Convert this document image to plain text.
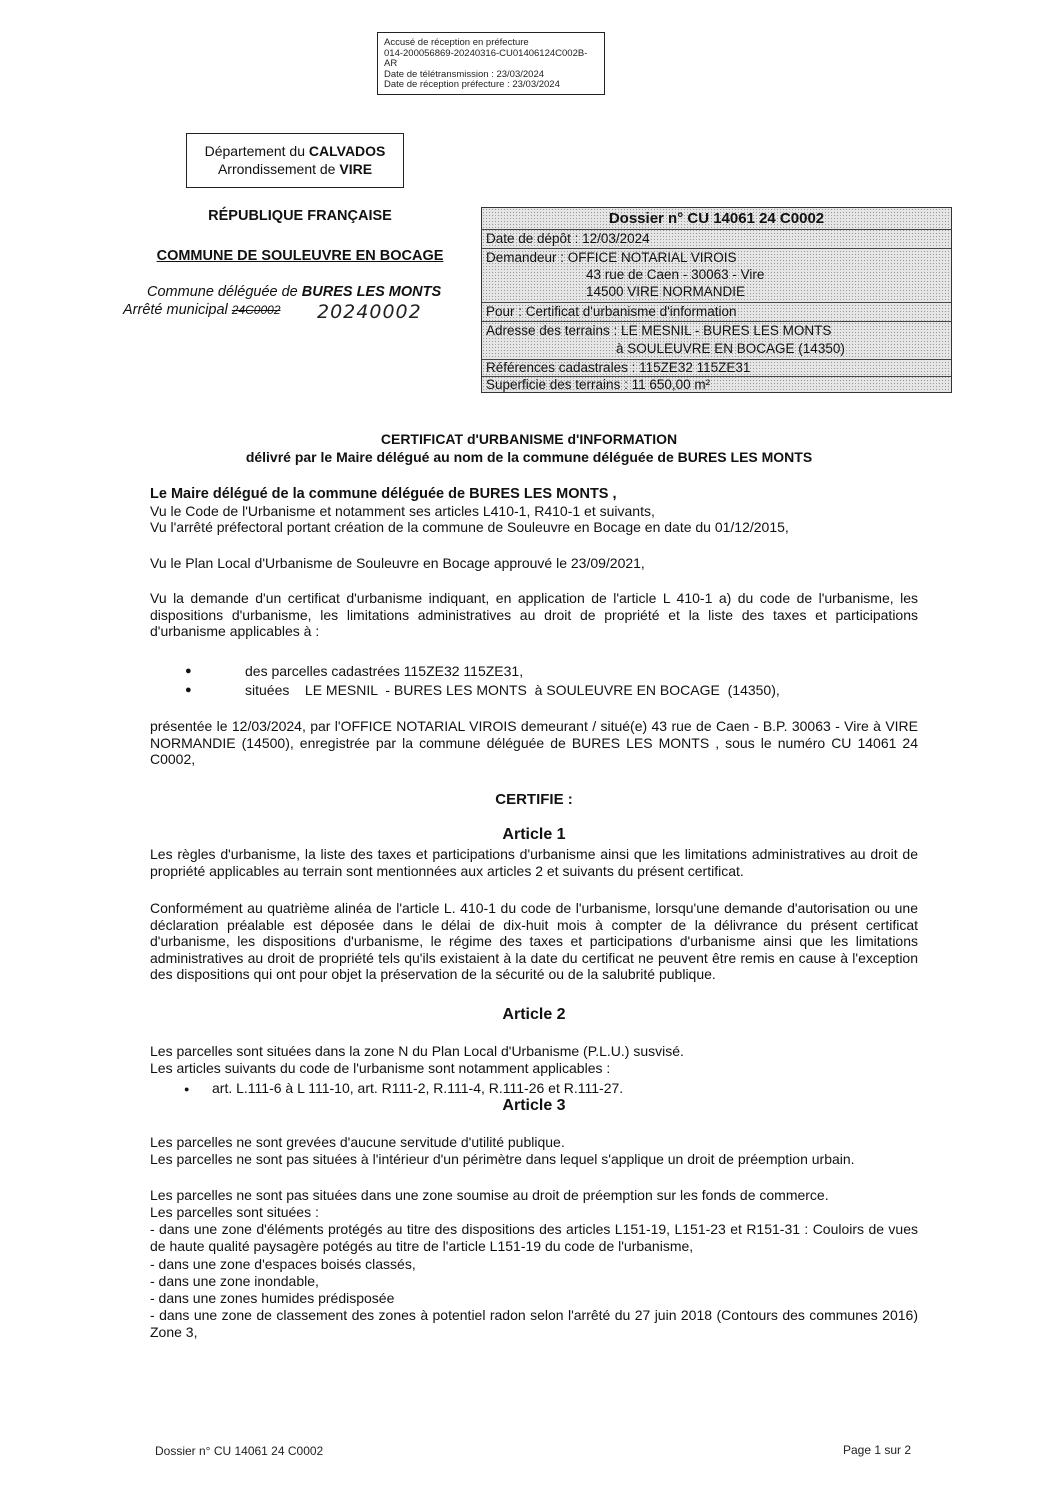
Accusé de réception en préfecture
014-200056869-20240316-CU01406124C002B-AR
Date de télétransmission : 23/03/2024
Date de réception préfecture : 23/03/2024
Département du CALVADOS
Arrondissement de VIRE
RÉPUBLIQUE FRANÇAISE
COMMUNE DE SOULEUVRE EN BOCAGE
Commune déléguée de BURES LES MONTS
Arrêté municipal 24C0002 20240002
Dossier n° CU 14061 24 C0002
Date de dépôt : 12/03/2024
Demandeur : OFFICE NOTARIAL VIROIS
43 rue de Caen - 30063 - Vire
14500 VIRE NORMANDIE
Pour : Certificat d'urbanisme d'information
Adresse des terrains : LE MESNIL - BURES LES MONTS
à SOULEUVRE EN BOCAGE (14350)
Références cadastrales : 115ZE32 115ZE31
Superficie des terrains : 11 650,00 m²
CERTIFICAT d'URBANISME d'INFORMATION
délivré par le Maire délégué au nom de la commune déléguée de BURES LES MONTS
Le Maire délégué de la commune déléguée de BURES LES MONTS ,
Vu le Code de l'Urbanisme et notamment ses articles L410-1, R410-1 et suivants,
Vu l'arrêté préfectoral portant création de la commune de Souleuvre en Bocage en date du 01/12/2015,
Vu le Plan Local d'Urbanisme de Souleuvre en Bocage approuvé le 23/09/2021,
Vu la demande d'un certificat d'urbanisme indiquant, en application de l'article L 410-1 a) du code de l'urbanisme, les dispositions d'urbanisme, les limitations administratives au droit de propriété et la liste des taxes et participations d'urbanisme applicables à :
●	des parcelles cadastrées 115ZE32 115ZE31,
●	situées    LE MESNIL  - BURES LES MONTS  à SOULEUVRE EN BOCAGE  (14350),
présentée le 12/03/2024, par l'OFFICE NOTARIAL VIROIS demeurant / situé(e) 43 rue de Caen - B.P. 30063 - Vire à VIRE NORMANDIE (14500), enregistrée par la commune déléguée de BURES LES MONTS , sous le numéro CU 14061 24 C0002,
CERTIFIE :
Article 1
Les règles d'urbanisme, la liste des taxes et participations d'urbanisme ainsi que les limitations administratives au droit de propriété applicables au terrain sont mentionnées aux articles 2 et suivants du présent certificat.
Conformément au quatrième alinéa de l'article L. 410-1 du code de l'urbanisme, lorsqu'une demande d'autorisation ou une déclaration préalable est déposée dans le délai de dix-huit mois à compter de la délivrance du présent certificat d'urbanisme, les dispositions d'urbanisme, le régime des taxes et participations d'urbanisme ainsi que les limitations administratives au droit de propriété tels qu'ils existaient à la date du certificat ne peuvent être remis en cause à l'exception des dispositions qui ont pour objet la préservation de la sécurité ou de la salubrité publique.
Article 2
Les parcelles sont situées dans la zone N du Plan Local d'Urbanisme (P.L.U.) susvisé.
Les articles suivants du code de l'urbanisme sont notamment applicables :
● art. L.111-6 à L 111-10, art. R111-2, R.111-4, R.111-26 et R.111-27.
Article 3
Les parcelles ne sont grevées d'aucune servitude d'utilité publique.
Les parcelles ne sont pas situées à l'intérieur d'un périmètre dans lequel s'applique un droit de préemption urbain.
Les parcelles ne sont pas situées dans une zone soumise au droit de préemption sur les fonds de commerce.
Les parcelles sont situées :
- dans une zone d'éléments protégés au titre des dispositions des articles L151-19, L151-23 et R151-31 : Couloirs de vues de haute qualité paysagère potégés au titre de l'article L151-19 du code de l'urbanisme,
- dans une zone d'espaces boisés classés,
- dans une zone inondable,
- dans une zones humides prédisposée
- dans une zone de classement des zones à potentiel radon selon l'arrêté du 27 juin 2018 (Contours des communes 2016) Zone 3,
Dossier n° CU 14061 24 C0002	Page 1 sur 2
